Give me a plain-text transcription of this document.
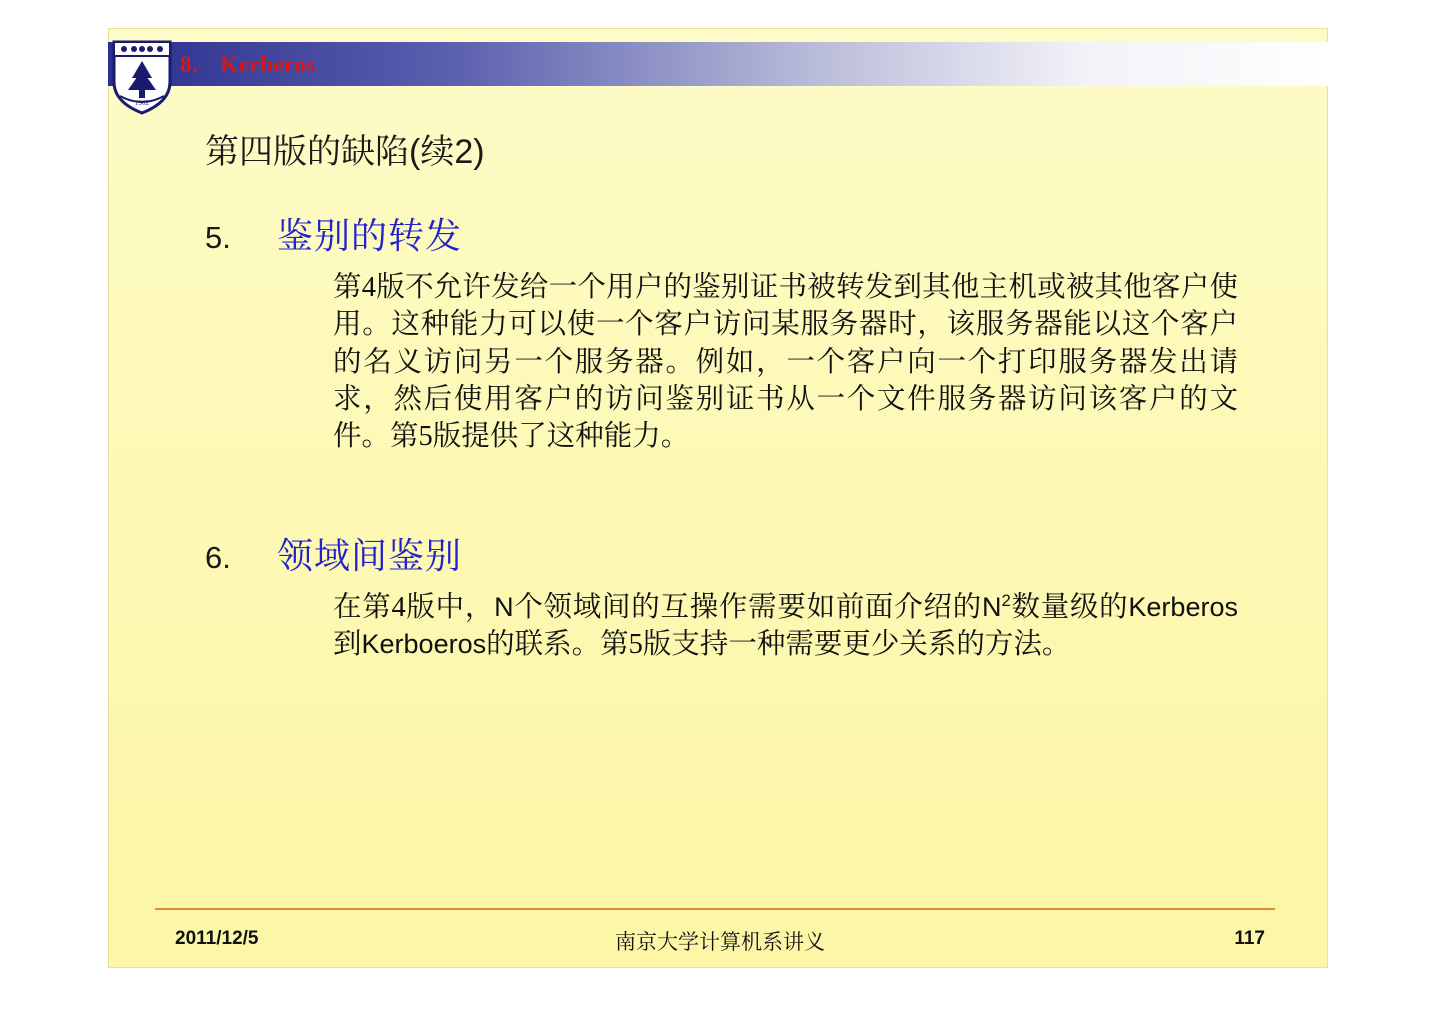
8. Kerberos
1902
第四版的缺陷(续2)
5.	鉴别的转发
第4版不允许发给一个用户的鉴别证书被转发到其他主机或被其他客户使用。这种能力可以使一个客户访问某服务器时，该服务器能以这个客户的名义访问另一个服务器。例如，一个客户向一个打印服务器发出请求，然后使用客户的访问鉴别证书从一个文件服务器访问该客户的文件。第5版提供了这种能力。
6.	领域间鉴别
在第4版中，N个领域间的互操作需要如前面介绍的$N^2$数量级的Kerberos到Kerboeros的联系。第5版支持一种需要更少关系的方法。
2011/12/5	南京大学计算机系讲义	117
